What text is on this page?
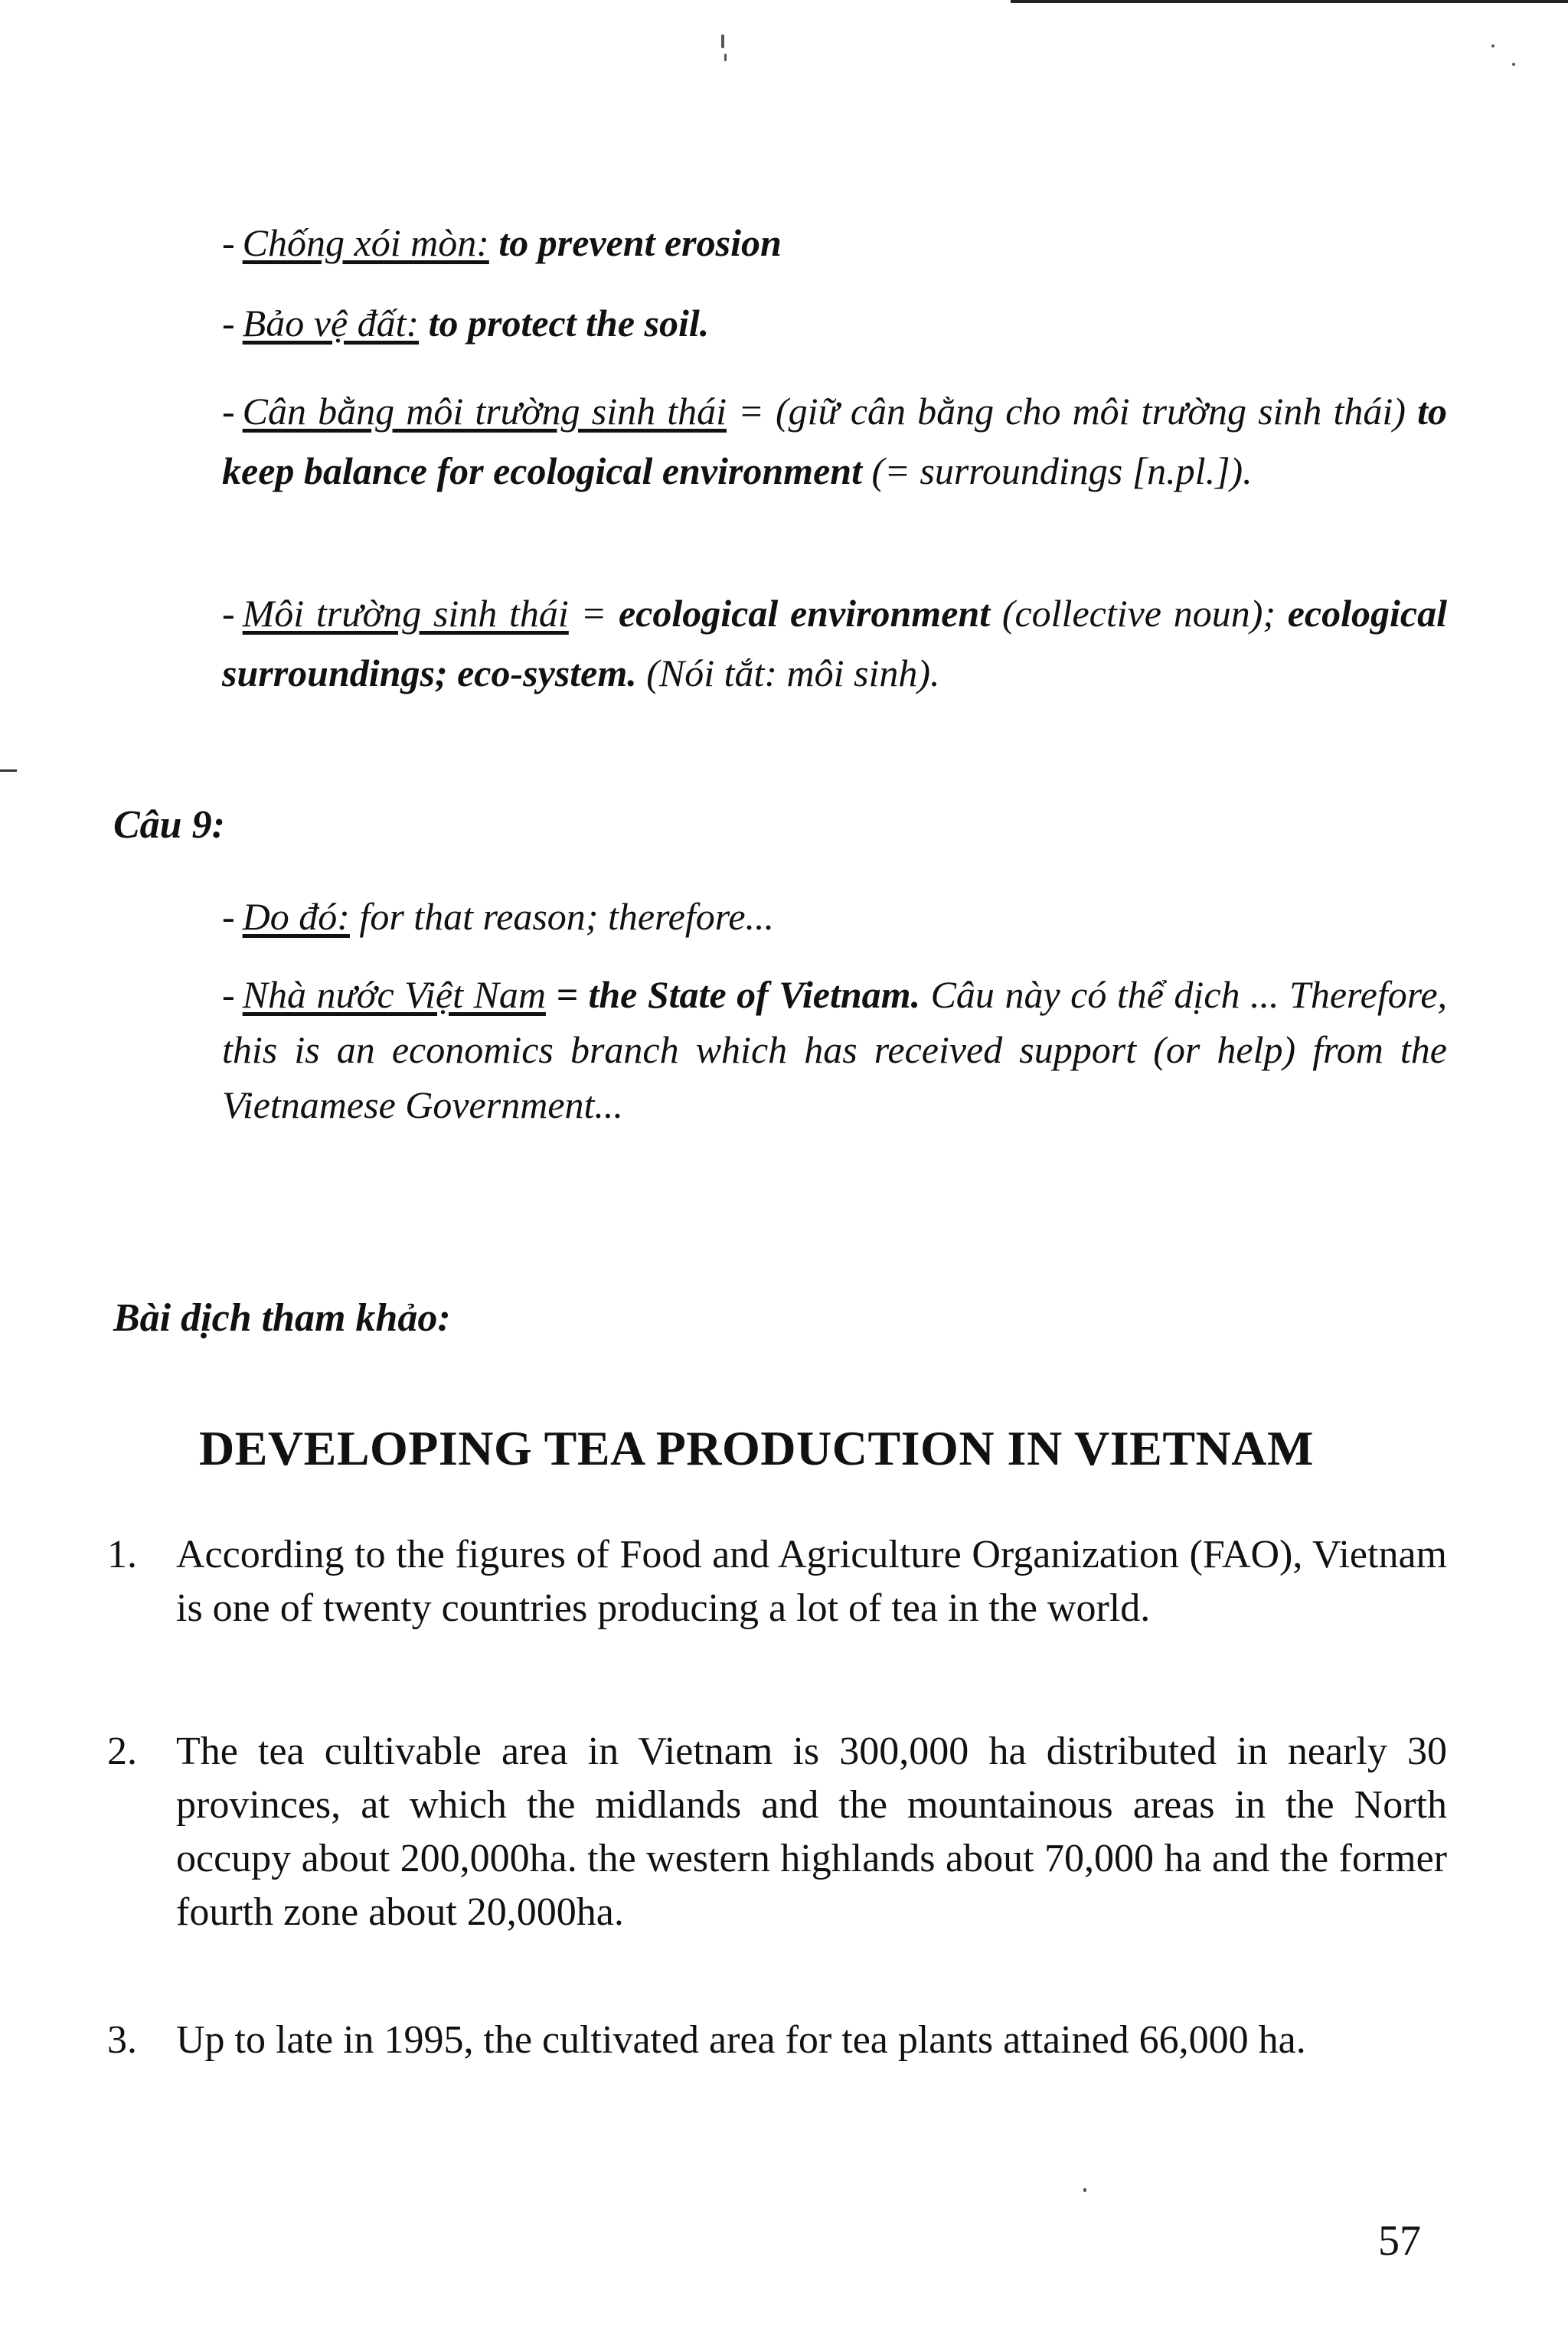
- Chống xói mòn: to prevent erosion
- Bảo vệ đất: to protect the soil.
- Cân bằng môi trường sinh thái = (giữ cân bằng cho môi trường sinh thái) to keep balance for ecological environment (= surroundings [n.pl.]).
- Môi trường sinh thái = ecological environment (collective noun); ecological surroundings; eco-system. (Nói tắt: môi sinh).
Câu 9:
- Do đó: for that reason; therefore...
- Nhà nước Việt Nam = the State of Vietnam. Câu này có thể dịch ... Therefore, this is an economics branch which has received support (or help) from the Vietnamese Government...
Bài dịch tham khảo:
DEVELOPING TEA PRODUCTION IN VIETNAM
1. According to the figures of Food and Agriculture Organization (FAO), Vietnam is one of twenty countries producing a lot of tea in the world.
2. The tea cultivable area in Vietnam is 300,000 ha distributed in nearly 30 provinces, at which the midlands and the mountainous areas in the North occupy about 200,000ha. the western highlands about 70,000 ha and the former fourth zone about 20,000ha.
3. Up to late in 1995, the cultivated area for tea plants attained 66,000 ha.
57
